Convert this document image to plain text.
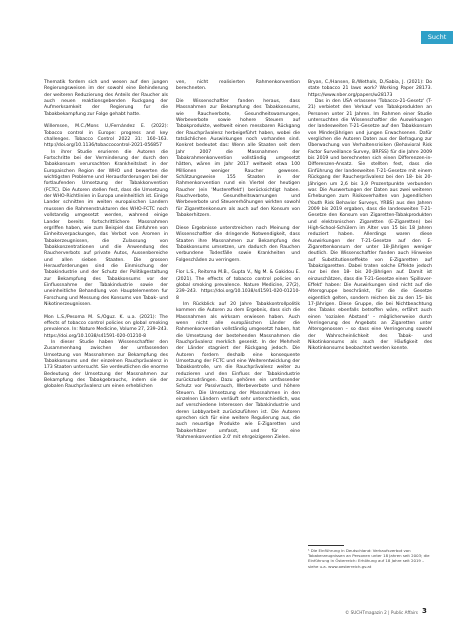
Sucht

Thematik fordern sich und wesen auf den jungen Regierungsweisen im der sowohl eine Behinderung der weiteren Reduzierung des Anteils der Raucher als auch neuen reaktionsgebenden Ruckgang der Aufmerksamkeit der Regierung fur die Tabakbekampfung zur Folge gehabt hatte.

Willemsen, M.C./Mons U./Fernández E. (2022): Tobacco control in Europe: progress and key challenges. Tobacco Control 2022 31: 160–163. http://doi.org/10.1136/tobaccocontrol-2021-056857

In ihrer Studie erurieren die Autoren die Fortschritte bei der Verminderung der durch den Tabakkonsum verursachten Krankheitslast in der Europaischen Region der WHO und bewerten die wichtigsten Probleme und Herausforderungen bei der fortlaufenden Umsetzung der Tabakkonvention (FCTC). Die Autoren stellen fest, dass die Umsetzung der WHO-Richtlinien in Europa uneinheitlich ist. Einige Lander schnitten im weiten europaischen Landern musssen die Rahmenstrukturen des WHO-FCTC noch vollstandig umgesetzt werden, wahrend einige Lander bereits fortschrittlichere Massnahmen ergriffen haben, wie zum Beispiel das Einfuhren von Einheitsverpackungen, das Verbot von Aromen in Tabakerzeugnissen, die Zulassung von Tabakkonzentrationen und die Anwendung des Raucherverbots auf private Autos, Aussenbereiche und allen sieben Staaten. Die grossen Herausforderungen sind die Einmischung der Tabakindustrie und der Schutz der Politikgestaltung zur Bekampfung des Tabakkonsums vor der Einflussnahme der Tabakindustrie sowie der uneinheitliche Behandlung von Hauptelementen fur Forschung und Messung des Konsums von Tabak- und Nikotinerzeugnissen.

Mon L.S./Pesoma M. S./Oguz. K. u.a. (2021): The effects of tobacco control policies on global smoking prevalence. In: Nature Medicine, Volume 27, 239–243. https://doi.org/10.1038/s41591-020-01210-8

In dieser Studie haben Wissenschaftler den Zusammenhang zwischen der umfassenden Umsetzung von Massnahmen zur Bekampfung des Tabakkonsums und der einzelnen Rauchprävalenz in 173 Staaten untersucht. Sie verdeutlichen die enorme Bedeutung der Umsetzung der Massnahmen zur Bekampfung des Tabakgebrauchs, indem sie der globalen Rauchprävalenz um einen erheblichen

ven, nicht realisierten Rahmenkonvention berechneten.

Die Wissenschaftler fanden heraus, dass Massnahmen zur Bekampfung des Tabakkonsums, wie Rauchverbote, Gesundheitswarnungen, Werbeverbote sowie hohere Steuern auf Tabakprodukte, weltweit einen messbaren Rückgang der Rauchprävalenz herbeigeführt haben, wobei die tatsächlichen Auswirkungen noch vorhanden sind. Konkret bedeutet das: Wenn alle Staaten seit dem Jahr 2007 die Massnahmen der Tabakrahmenkonvention vollständig umgesetzt hätten, wären im Jahr 2017 weltweit etwa 100 Millionen weniger Raucher gewesen. Schätzungsweise 155 Staaten in der Rahmenkonvention rund ein Viertel der heutigen Raucher (ein 'Mustereffekt') berücksichtigt haben. Rauchverbote, Gesundheitswarnungen und Werbeverbote und Steuererhöhungen wirkten sowohl für Zigarettenkonsum als auch auf den Konsum von Tabakerhitzern.

Diese Ergebnisse unterstreichen nach Meinung der Wissenschaftler die dringende Notwendigkeit, dass Staaten ihre Massnahmen zur Bekampfung des Tabakkonsums umsetzen, um dadurch den Rauchen verbundene Todesfälle sowie Krankheiten und Folgeschäden zu verringern.

Flor L.S., Reitsma M.B., Gupta V., Ng M. & Gakidou E. (2021). The effects of tobacco control policies on global smoking prevalence. Nature Medicine, 27(2), 239–243. https://doi.org/10.1038/s41591-020-01210-8

Im Rückblick auf 20 Jahre Tabakkontrollpolitik kommen die Autoren zu dem Ergebnis, dass sich die Massnahmen als wirksam erwiesen haben. Auch wenn nicht alle europäischen Länder die Rahmenkonvention vollständig umgesetzt haben, hat die Umsetzung der bestehenden Massnahmen die Rauchprävalenz merklich gesenkt. In der Mehrheit der Länder stagniert der Rückgang jedoch. Die Autoren fordern deshalb eine konsequente Umsetzung der FCTC und eine Weiterentwicklung der Tabakkontrolle, um die Rauchprävalenz weiter zu reduzieren und den Einfluss der Tabakindustrie zurückzudrängen. Dazu gehören ein umfassender Schutz vor Passivrauch, Werbeverbote und höhere Steuern. Die Umsetzung der Massnahmen in den einzelnen Ländern verläuft sehr unterschiedlich, was auf verschiedene Interessen der Tabakindustrie und deren Lobbyarbeit zurückzuführen ist. Die Autoren sprechen sich für eine weitere Regulierung aus, die auch neuartige Produkte wie E-Zigaretten und Tabakerhitzer umfasst, und für eine 'Rahmenkonvention 2.0' mit ehrgeizigeren Zielen.

Bryan, C./Hansen, B./Wethals, D./Sabia, J. (2021): Do state tobacco 21 laws work? Working Paper 28173. https://www.nber.org/papers/w28173

Das in den USA erlassene 'Tobacco-21-Gesetz' (T-21) verbietet den Verkauf von Tabakprodukten an Personen unter 21 Jahren. Im Rahmen einer Studie untersuchten die Wissenschaftler die Auswirkungen der landesweiten T-21-Gesetze auf den Tabakkonsum von Minderjährigen und jungen Erwachsenen. Dafür verglichen die Autoren Daten aus der Befragung zur Überwachung von Verhaltensrisiken (Behavioral Risk Factor Surveillance Survey, BRFSS) für die Jahre 2009 bis 2019 und berechneten sich einen Differenzen-in-Differenzen-Ansatz. Sie stellten fest, dass die Einführung der landesweiten T-21-Gesetze mit einem Rückgang der Raucherprävalenz bei den 18- bis 20-Jährigen um 2,6 bis 3,9 Prozentpunkte verbunden war. Die Auswertungen der Daten aus zwei weiteren Erhebungen zum Risikoverhalten von Jugendlichen (Youth Risk Behavior Surveys, YRBS) aus den Jahren 2009 bis 2019 ergaben, dass die landesweiten T-21-Gesetze den Konsum von Zigaretten-Tabakprodukten und elektronischen Zigaretten (E-Zigaretten) bei High-School-Schülern im Alter von 15 bis 18 Jahren reduziert haben. Allerdings waren diese Auswirkungen der T-21-Gesetze auf den E-Zigarettenkonsum der unter 18-Jährigen weniger deutlich. Die Wissenschaftler fanden auch Hinweise auf Substitutionseffekte von E-Zigaretten auf Tabakzigaretten. Dabei traten solche Effekte jedoch nur bei den 18- bis 20-Jährigen auf. Damit ist einzuschätzen, dass die T-21-Gesetze einen 'Spillover-Effekt' haben: Die Auswirkungen sind nicht auf die Altersgruppe beschränkt, für die die Gesetze eigentlich gelten, sondern reichen bis zu den 15- bis 17-Jährigen. Diese Gruppe, die bei Nichtbeachtung des Tabaks ebenfalls betroffen wäre, erfährt auch einen 'sozialen Abstand' – möglicherweise durch Verringerung des Angebots an Zigaretten unter Altersgenossen – so dass eine Verringerung sowohl der Wahrscheinlichkeit des Tabak- und Nikotinkonsums als auch der Häufigkeit des Nikotinkonsums beobachtet werden konnte.

¹ Die Einführung in Deutschland: Verkaufsverbot von Tabakerzeugnissen an Personen unter 18 Jahren seit 2003; die Einführung in Österreich: Erhöhung auf 18 Jahre seit 2019 – siehe u.a. www.oesterreich.gv.at
© SUCHTmagazin 2 | Public Affairs 3
